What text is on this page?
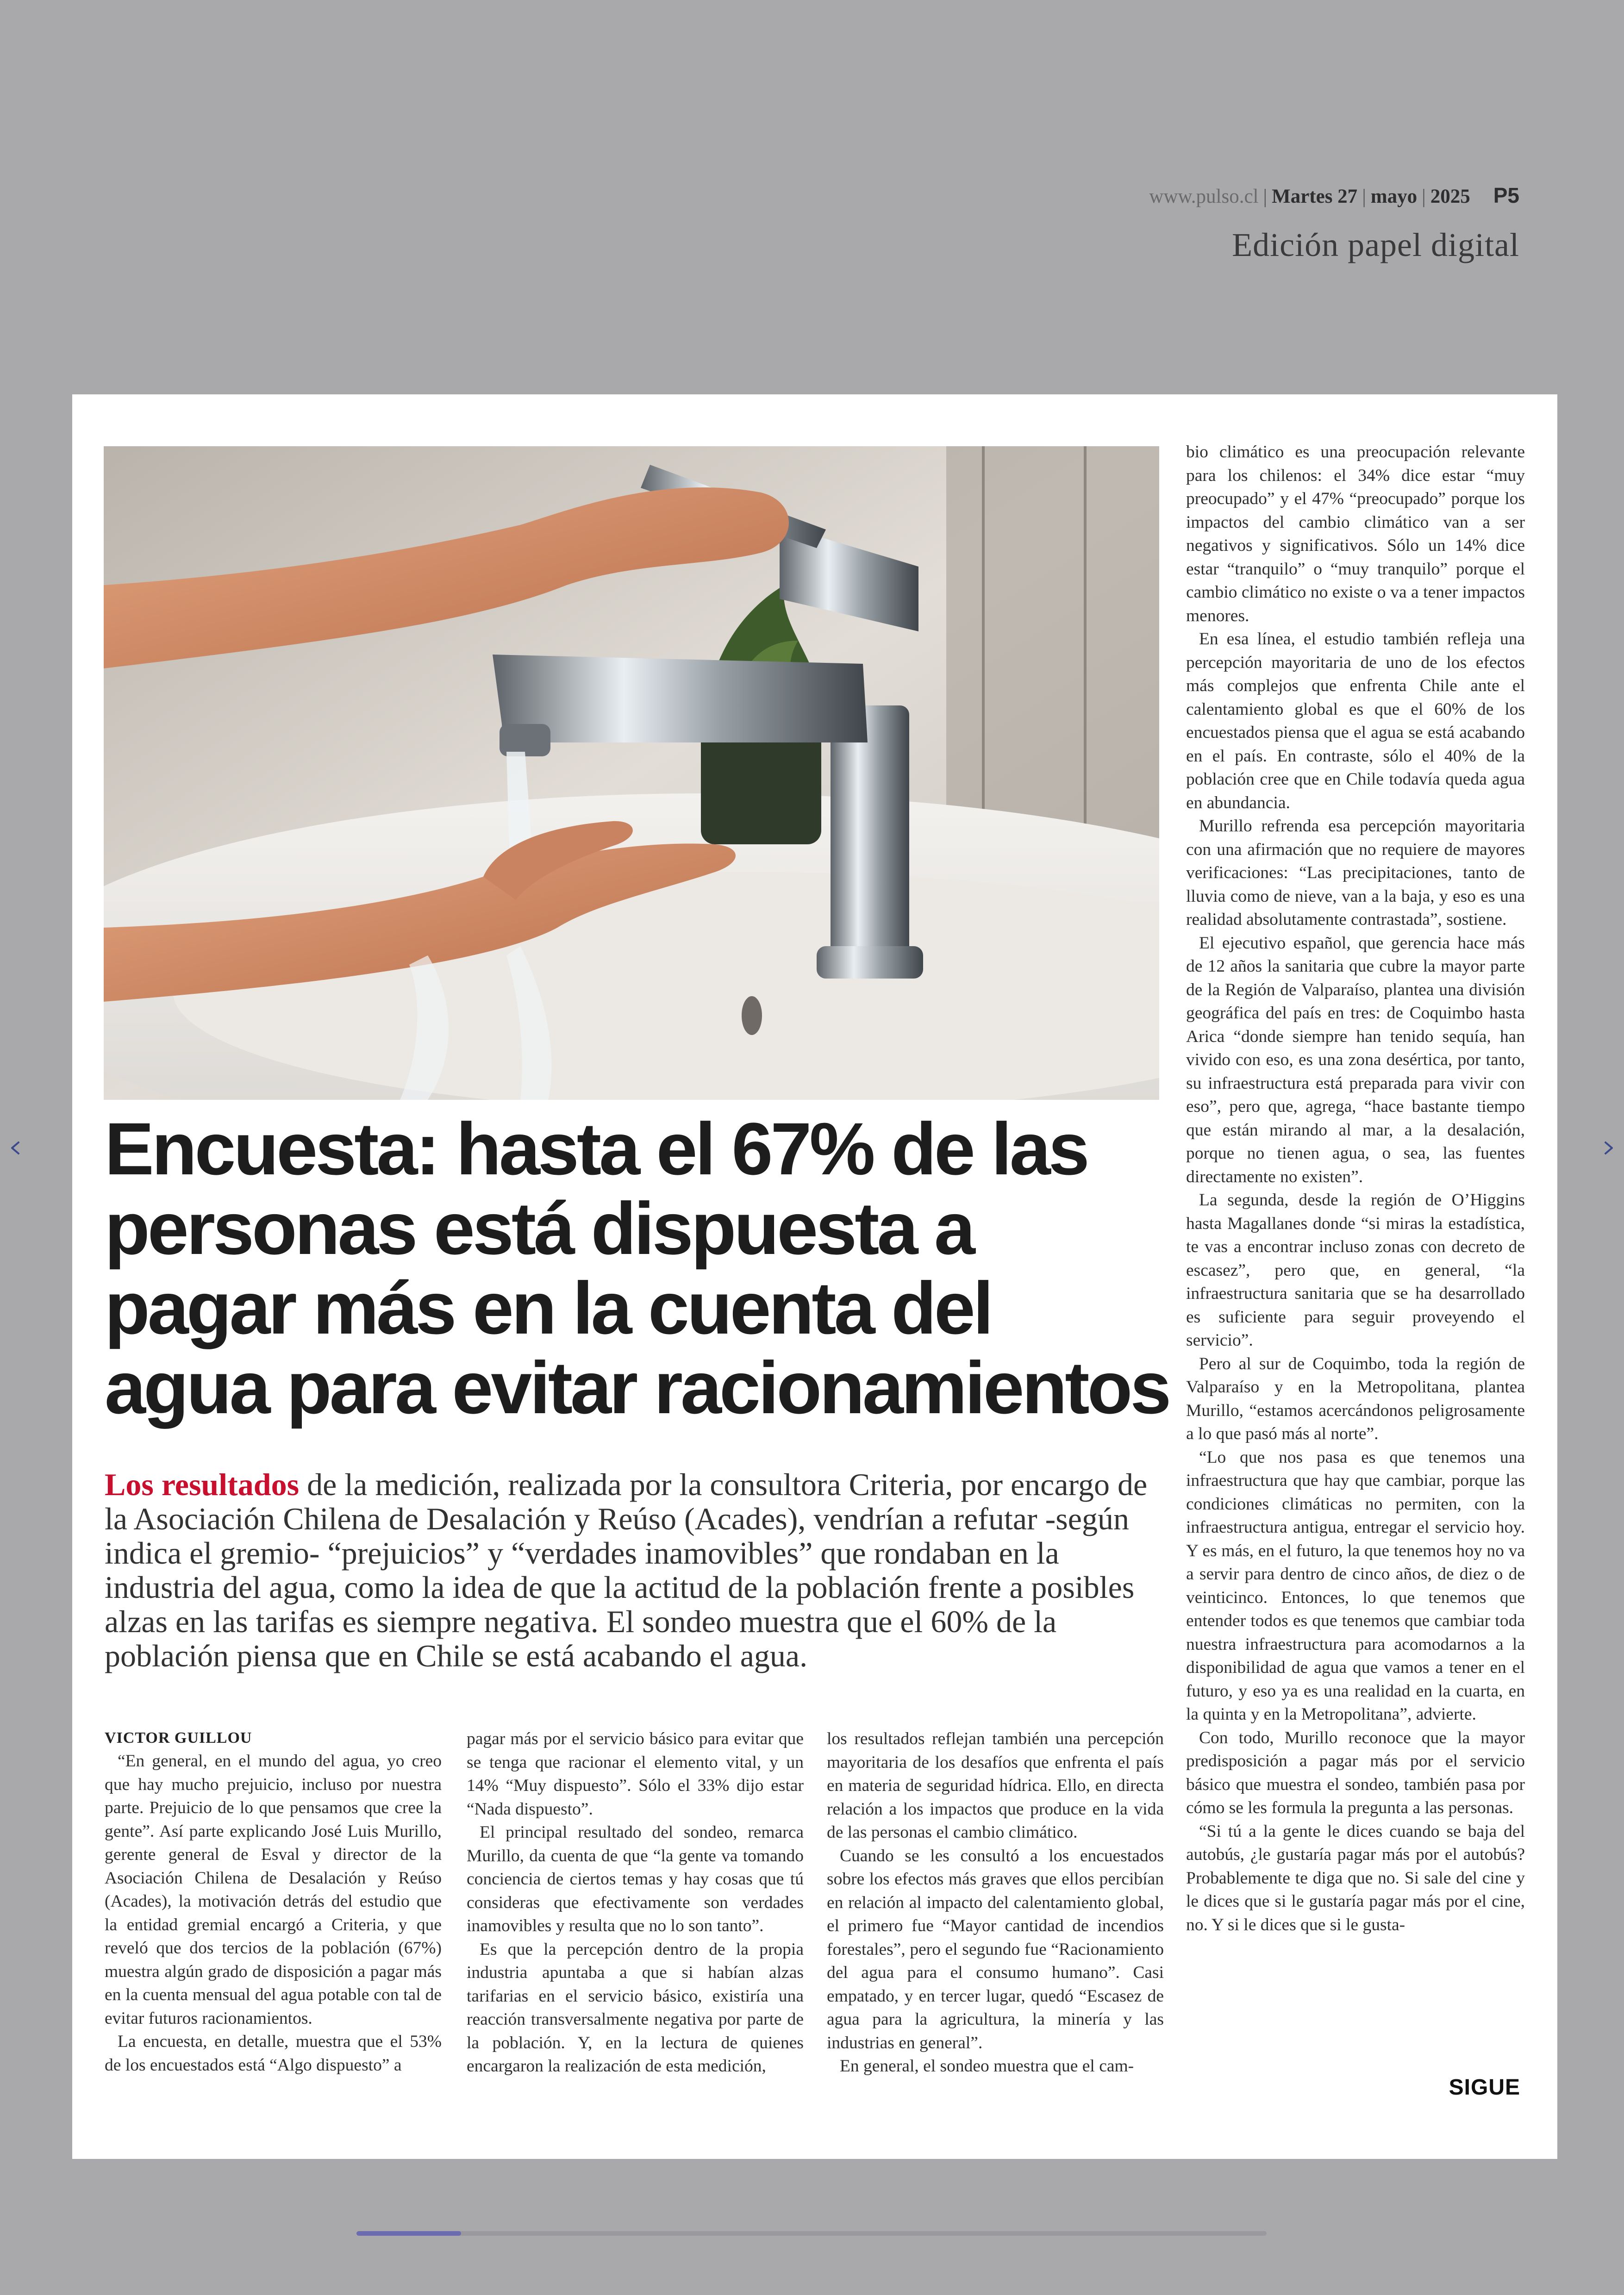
www.pulso.cl | Martes 27 | mayo | 2025 P5
Edición papel digital
Encuesta: hasta el 67% de las personas está dispuesta a pagar más en la cuenta del agua para evitar racionamientos

Los resultados de la medición, realizada por la consultora Criteria, por encargo de la Asociación Chilena de Desalación y Reúso (Acades), vendrían a refutar -según indica el gremio- “prejuicios” y “verdades inamovibles” que rondaban en la industria del agua, como la idea de que la actitud de la población frente a posibles alzas en las tarifas es siempre negativa. El sondeo muestra que el 60% de la población piensa que en Chile se está acabando el agua.

VICTOR GUILLOU

“En general, en el mundo del agua, yo creo que hay mucho prejuicio, incluso por nuestra parte. Prejuicio de lo que pensamos que cree la gente”. Así parte explicando José Luis Murillo, gerente general de Esval y director de la Asociación Chilena de Desalación y Reúso (Acades), la motivación detrás del estudio que la entidad gremial encargó a Criteria, y que reveló que dos tercios de la población (67%) muestra algún grado de disposición a pagar más en la cuenta mensual del agua potable con tal de evitar futuros racionamientos.

La encuesta, en detalle, muestra que el 53% de los encuestados está “Algo dispuesto” a

pagar más por el servicio básico para evitar que se tenga que racionar el elemento vital, y un 14% “Muy dispuesto”. Sólo el 33% dijo estar “Nada dispuesto”.

El principal resultado del sondeo, remarca Murillo, da cuenta de que “la gente va tomando conciencia de ciertos temas y hay cosas que tú consideras que efectivamente son verdades inamovibles y resulta que no lo son tanto”.

Es que la percepción dentro de la propia industria apuntaba a que si habían alzas tarifarias en el servicio básico, existiría una reacción transversalmente negativa por parte de la población. Y, en la lectura de quienes encargaron la realización de esta medición,

los resultados reflejan también una percepción mayoritaria de los desafíos que enfrenta el país en materia de seguridad hídrica. Ello, en directa relación a los impactos que produce en la vida de las personas el cambio climático.

Cuando se les consultó a los encuestados sobre los efectos más graves que ellos percibían en relación al impacto del calentamiento global, el primero fue “Mayor cantidad de incendios forestales”, pero el segundo fue “Racionamiento del agua para el consumo humano”. Casi empatado, y en tercer lugar, quedó “Escasez de agua para la agricultura, la minería y las industrias en general”.

En general, el sondeo muestra que el cam-

bio climático es una preocupación relevante para los chilenos: el 34% dice estar “muy preocupado” y el 47% “preocupado” porque los impactos del cambio climático van a ser negativos y significativos. Sólo un 14% dice estar “tranquilo” o “muy tranquilo” porque el cambio climático no existe o va a tener impactos menores.

En esa línea, el estudio también refleja una percepción mayoritaria de uno de los efectos más complejos que enfrenta Chile ante el calentamiento global es que el 60% de los encuestados piensa que el agua se está acabando en el país. En contraste, sólo el 40% de la población cree que en Chile todavía queda agua en abundancia.

Murillo refrenda esa percepción mayoritaria con una afirmación que no requiere de mayores verificaciones: “Las precipitaciones, tanto de lluvia como de nieve, van a la baja, y eso es una realidad absolutamente contrastada”, sostiene.

El ejecutivo español, que gerencia hace más de 12 años la sanitaria que cubre la mayor parte de la Región de Valparaíso, plantea una división geográfica del país en tres: de Coquimbo hasta Arica “donde siempre han tenido sequía, han vivido con eso, es una zona desértica, por tanto, su infraestructura está preparada para vivir con eso”, pero que, agrega, “hace bastante tiempo que están mirando al mar, a la desalación, porque no tienen agua, o sea, las fuentes directamente no existen”.

La segunda, desde la región de O’Higgins hasta Magallanes donde “si miras la estadística, te vas a encontrar incluso zonas con decreto de escasez”, pero que, en general, “la infraestructura sanitaria que se ha desarrollado es suficiente para seguir proveyendo el servicio”.

Pero al sur de Coquimbo, toda la región de Valparaíso y en la Metropolitana, plantea Murillo, “estamos acercándonos peligrosamente a lo que pasó más al norte”.

“Lo que nos pasa es que tenemos una infraestructura que hay que cambiar, porque las condiciones climáticas no permiten, con la infraestructura antigua, entregar el servicio hoy. Y es más, en el futuro, la que tenemos hoy no va a servir para dentro de cinco años, de diez o de veinticinco. Entonces, lo que tenemos que entender todos es que tenemos que cambiar toda nuestra infraestructura para acomodarnos a la disponibilidad de agua que vamos a tener en el futuro, y eso ya es una realidad en la cuarta, en la quinta y en la Metropolitana”, advierte.

Con todo, Murillo reconoce que la mayor predisposición a pagar más por el servicio básico que muestra el sondeo, también pasa por cómo se les formula la pregunta a las personas.

“Si tú a la gente le dices cuando se baja del autobús, ¿le gustaría pagar más por el autobús? Probablemente te diga que no. Si sale del cine y le dices que si le gustaría pagar más por el cine, no. Y si le dices que si le gusta-

SIGUE
